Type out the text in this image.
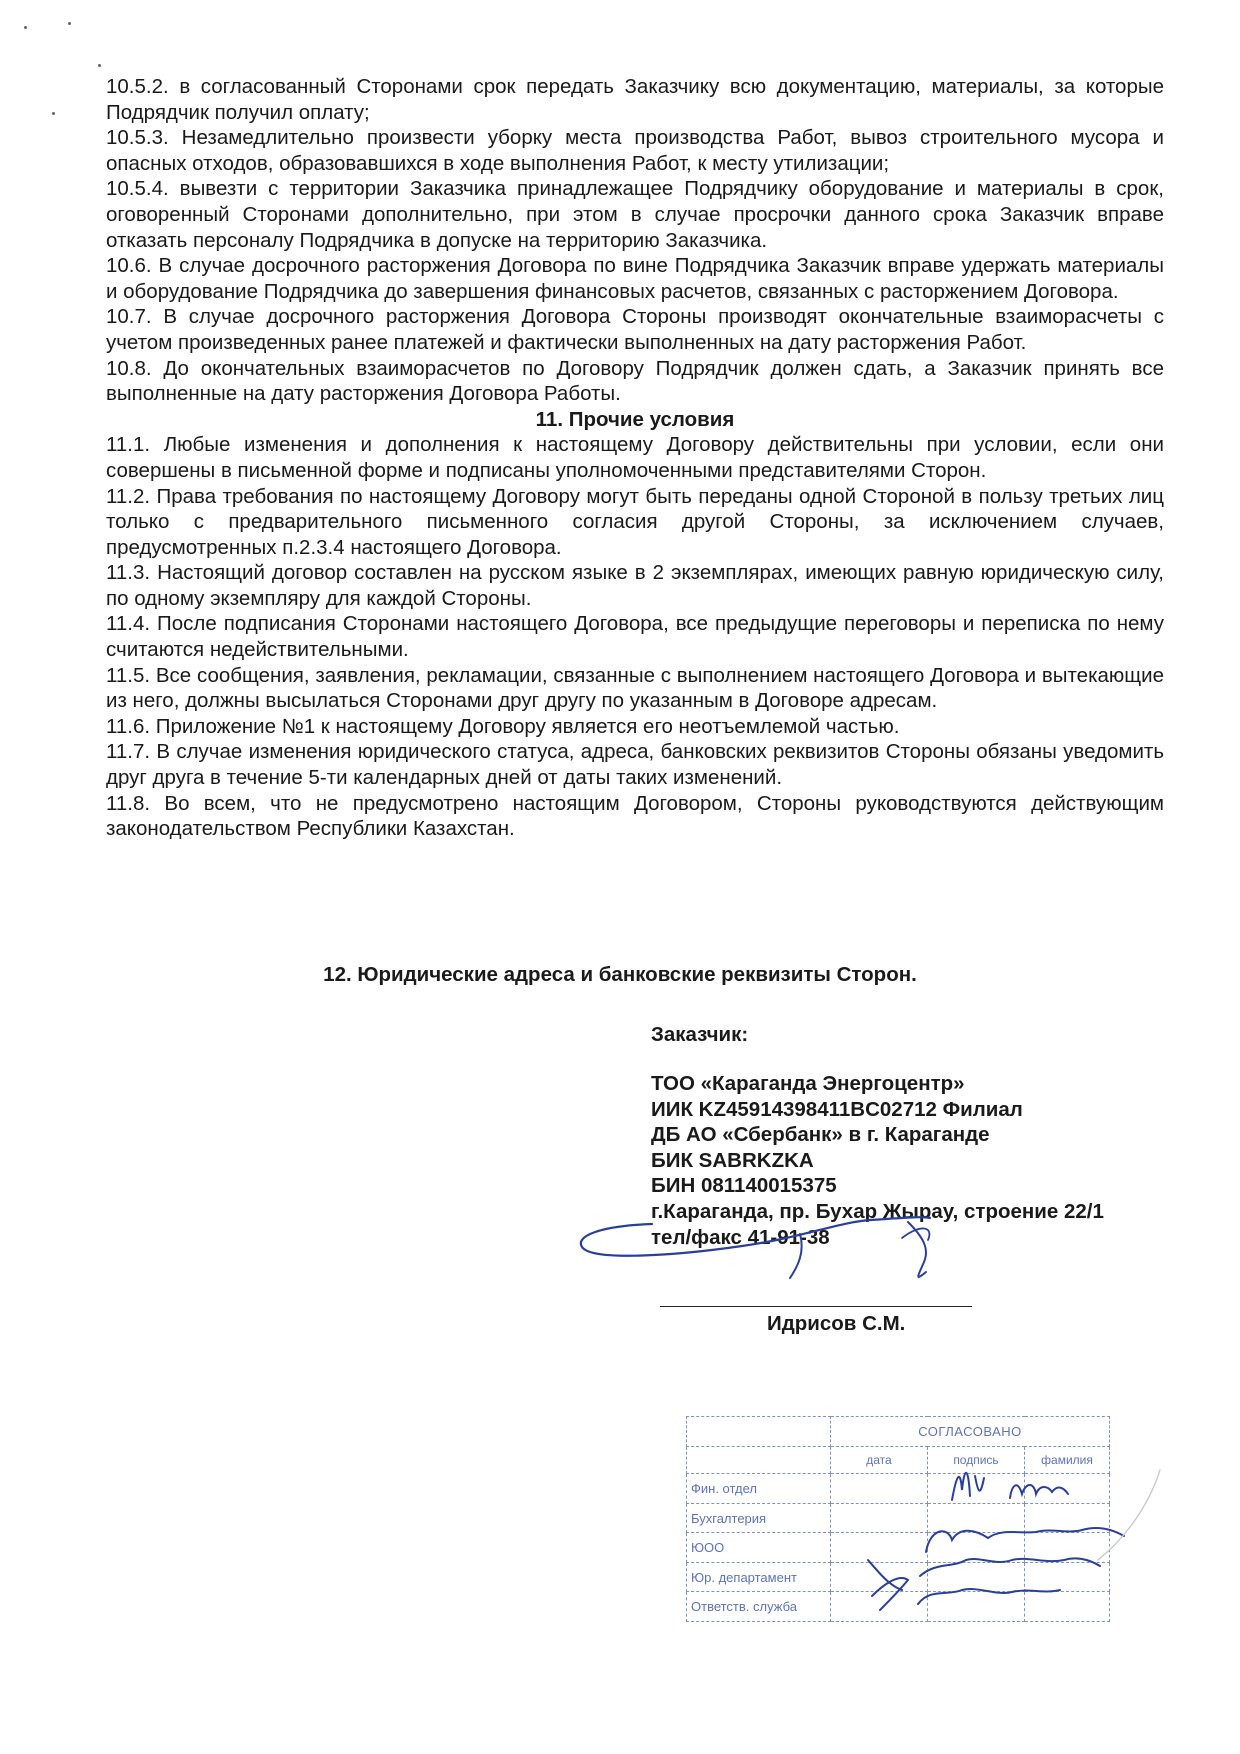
10.5.2. в согласованный Сторонами срок передать Заказчику всю документацию, материалы, за которые Подрядчик получил оплату;

10.5.3. Незамедлительно произвести уборку места производства Работ, вывоз строительного мусора и опасных отходов, образовавшихся в ходе выполнения Работ, к месту утилизации;

10.5.4. вывезти с территории Заказчика принадлежащее Подрядчику оборудование и материалы в срок, оговоренный Сторонами дополнительно, при этом в случае просрочки данного срока Заказчик вправе отказать персоналу Подрядчика в допуске на территорию Заказчика.

10.6. В случае досрочного расторжения Договора по вине Подрядчика Заказчик вправе удержать материалы и оборудование Подрядчика до завершения финансовых расчетов, связанных с расторжением Договора.

10.7. В случае досрочного расторжения Договора Стороны производят окончательные взаиморасчеты с учетом произведенных ранее платежей и фактически выполненных на дату расторжения Работ.

10.8. До окончательных взаиморасчетов по Договору Подрядчик должен сдать, а Заказчик принять все выполненные на дату расторжения Договора Работы.

11. Прочие условия

11.1. Любые изменения и дополнения к настоящему Договору действительны при условии, если они совершены в письменной форме и подписаны уполномоченными представителями Сторон.

11.2. Права требования по настоящему Договору могут быть переданы одной Стороной в пользу третьих лиц только с предварительного письменного согласия другой Стороны, за исключением случаев, предусмотренных п.2.3.4 настоящего Договора.

11.3. Настоящий договор составлен на русском языке в 2 экземплярах, имеющих равную юридическую силу, по одному экземпляру для каждой Стороны.

11.4. После подписания Сторонами настоящего Договора, все предыдущие переговоры и переписка по нему считаются недействительными.

11.5. Все сообщения, заявления, рекламации, связанные с выполнением настоящего Договора и вытекающие из него, должны высылаться Сторонами друг другу по указанным в Договоре адресам.

11.6. Приложение №1 к настоящему Договору является его неотъемлемой частью.

11.7. В случае изменения юридического статуса, адреса, банковских реквизитов Стороны обязаны уведомить друг друга в течение 5-ти календарных дней от даты таких изменений.

11.8. Во всем, что не предусмотрено настоящим Договором, Стороны руководствуются действующим законодательством Республики Казахстан.

12. Юридические адреса и банковские реквизиты Сторон.
Заказчик:
ТОО «Караганда Энергоцентр»
ИИК KZ45914398411BC02712 Филиал
ДБ АО «Сбербанк» в г. Караганде
БИК SABRKZKA
БИН 081140015375
г.Караганда, пр. Бухар Жырау, строение 22/1
тел/факс 41-91-38
Идрисов С.М.
	СОГЛАСОВАНО		
	дата	подпись	фамилия
Фин. отдел			
Бухгалтерия			
ЮОО			
Юр. департамент			
Ответств. служба			
